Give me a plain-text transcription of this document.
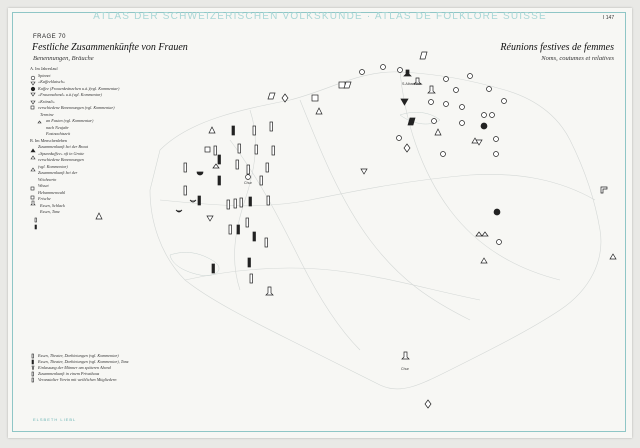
ATLAS DER SCHWEIZERISCHEN VOLKSKUNDE · ATLAS DE FOLKLORE SUISSE	I 147
FRAGE 70
Festliche Zusammenkünfte von Frauen
Benennungen, Bräuche
Réunions festives de femmes
Noms, coutumes et relatives
A. Im Jahreslauf
Spinnet
«Kaffeeklatsch»
Kaffee (Frauenkränzchen u.ä.)(vgl. Kommentar)
«Frauenabend» u.ä.(vgl. Kommentar)
«Kränzli»
verschiedene Benennungen (vgl. Kommentar)
Termine
an Fasten (vgl. Kommentar)
nach Neujahr
Fastnachtszeit
B. Im Menschenleben
Zusammenkunft bei der Braut
«Spunnkaffee» oft in Grotte
verschiedene Benennungen
(vgl. Kommentar)
Zusammenkunft bei der
Wöchnerin
Wisset
Hebammenwahl
Frische
Essen, Schlack
Essen, Tanz
Essen, Theater, Darbietungen (vgl. Kommentar)
Essen, Theater, Darbietungen (vgl. Kommentar), Tanz
Einlassung der Männer am späteren Abend
Zusammenkunft in einem Privathaus
Veranstalter Verein mit weiblichen Mitgliedern
ELSBETH LIEBL
S.Alban/Bas.
Chur
Chur
